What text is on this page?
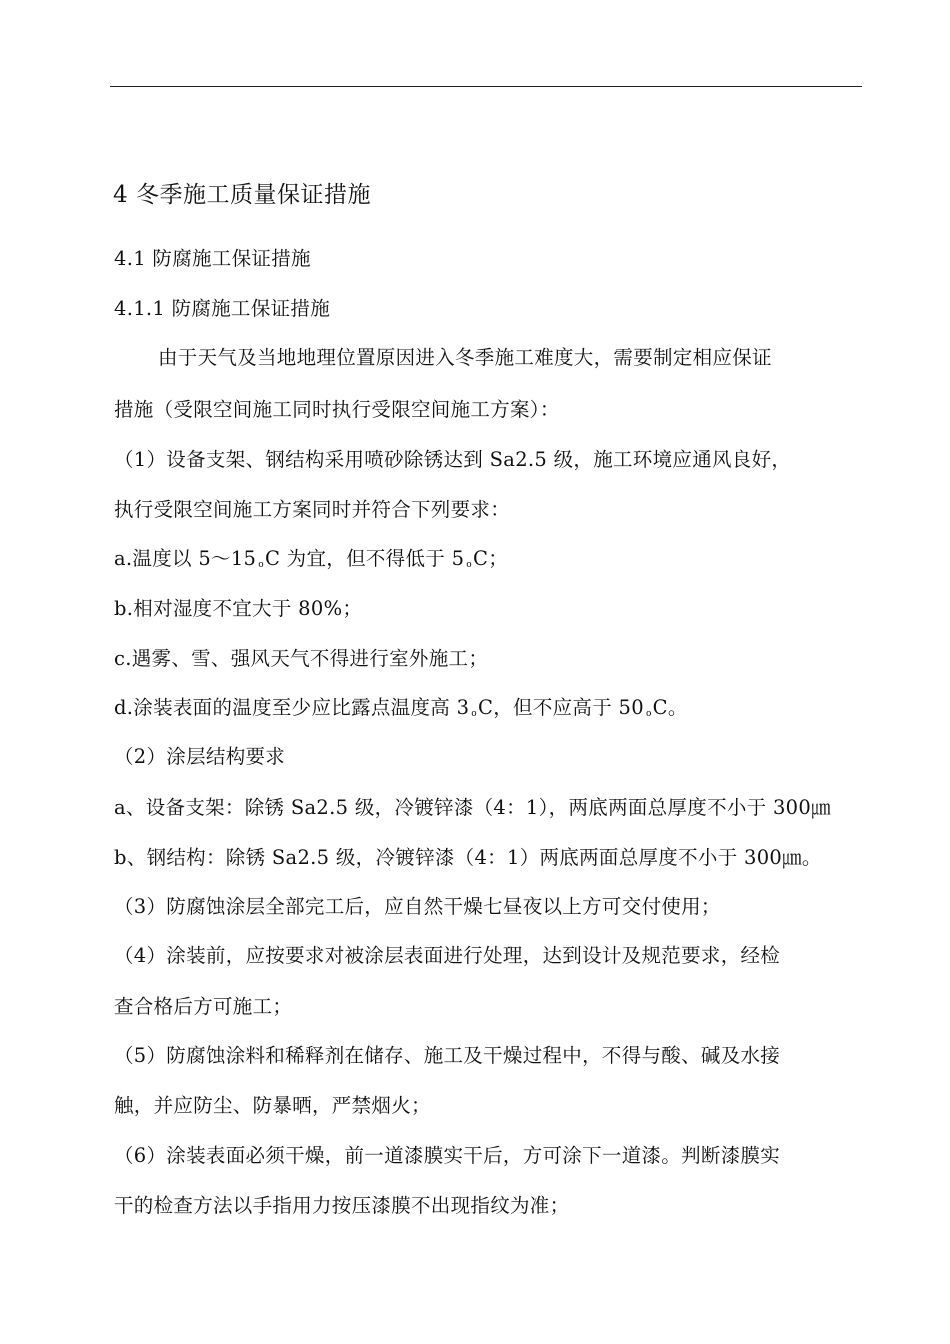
4 冬季施工质量保证措施
4.1 防腐施工保证措施
4.1.1 防腐施工保证措施
由于天气及当地地理位置原因进入冬季施工难度大，需要制定相应保证
措施（受限空间施工同时执行受限空间施工方案）：
（1）设备支架、钢结构采用喷砂除锈达到 Sa2.5 级，施工环境应通风良好，
执行受限空间施工方案同时并符合下列要求：
a.温度以 5～15 oC 为宜，但不得低于 5 oC；
b.相对湿度不宜大于 80%；
c.遇雾、雪、强风天气不得进行室外施工；
d.涂装表面的温度至少应比露点温度高 3 oC，但不应高于 50 oC。
（2）涂层结构要求
a、设备支架：除锈 Sa2.5 级，冷镀锌漆（4：1），两底两面总厚度不小于 300㎛
b、钢结构：除锈 Sa2.5 级，冷镀锌漆（4：1）两底两面总厚度不小于 300㎛。
（3）防腐蚀涂层全部完工后，应自然干燥七昼夜以上方可交付使用；
（4）涂装前，应按要求对被涂层表面进行处理，达到设计及规范要求，经检
查合格后方可施工；
（5）防腐蚀涂料和稀释剂在储存、施工及干燥过程中，不得与酸、碱及水接
触，并应防尘、防暴晒，严禁烟火；
（6）涂装表面必须干燥，前一道漆膜实干后，方可涂下一道漆。判断漆膜实
干的检查方法以手指用力按压漆膜不出现指纹为准；
